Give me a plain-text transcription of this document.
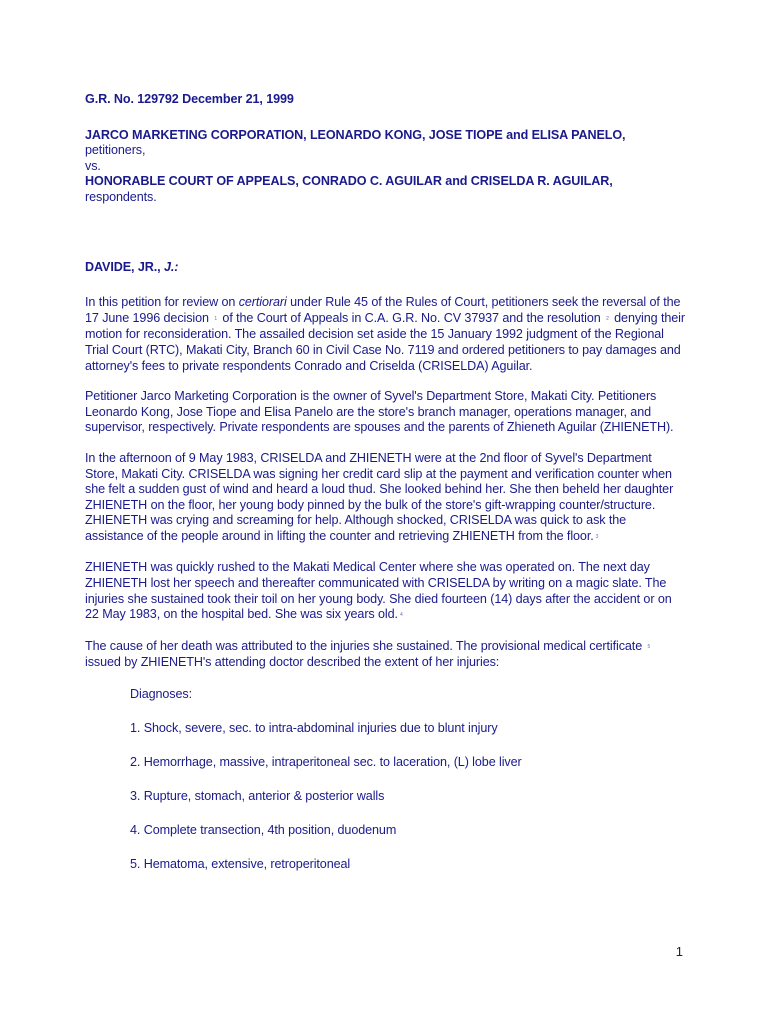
G.R. No. 129792 December 21, 1999
JARCO MARKETING CORPORATION, LEONARDO KONG, JOSE TIOPE and ELISA PANELO, petitioners,
vs.
HONORABLE COURT OF APPEALS, CONRADO C. AGUILAR and CRISELDA R. AGUILAR, respondents.
DAVIDE, JR., J.:

In this petition for review on certiorari under Rule 45 of the Rules of Court, petitioners seek the reversal of the 17 June 1996 decision 1 of the Court of Appeals in C.A. G.R. No. CV 37937 and the resolution 2 denying their motion for reconsideration. The assailed decision set aside the 15 January 1992 judgment of the Regional Trial Court (RTC), Makati City, Branch 60 in Civil Case No. 7119 and ordered petitioners to pay damages and attorney's fees to private respondents Conrado and Criselda (CRISELDA) Aguilar.

Petitioner Jarco Marketing Corporation is the owner of Syvel's Department Store, Makati City. Petitioners Leonardo Kong, Jose Tiope and Elisa Panelo are the store's branch manager, operations manager, and supervisor, respectively. Private respondents are spouses and the parents of Zhieneth Aguilar (ZHIENETH).

In the afternoon of 9 May 1983, CRISELDA and ZHIENETH were at the 2nd floor of Syvel's Department Store, Makati City. CRISELDA was signing her credit card slip at the payment and verification counter when she felt a sudden gust of wind and heard a loud thud. She looked behind her. She then beheld her daughter ZHIENETH on the floor, her young body pinned by the bulk of the store's gift-wrapping counter/structure. ZHIENETH was crying and screaming for help. Although shocked, CRISELDA was quick to ask the assistance of the people around in lifting the counter and retrieving ZHIENETH from the floor. 3

ZHIENETH was quickly rushed to the Makati Medical Center where she was operated on. The next day ZHIENETH lost her speech and thereafter communicated with CRISELDA by writing on a magic slate. The injuries she sustained took their toil on her young body. She died fourteen (14) days after the accident or on 22 May 1983, on the hospital bed. She was six years old. 4

The cause of her death was attributed to the injuries she sustained. The provisional medical certificate 5 issued by ZHIENETH's attending doctor described the extent of her injuries:

Diagnoses:
1. Shock, severe, sec. to intra-abdominal injuries due to blunt injury
2. Hemorrhage, massive, intraperitoneal sec. to laceration, (L) lobe liver
3. Rupture, stomach, anterior & posterior walls
4. Complete transection, 4th position, duodenum
5. Hematoma, extensive, retroperitoneal
1
